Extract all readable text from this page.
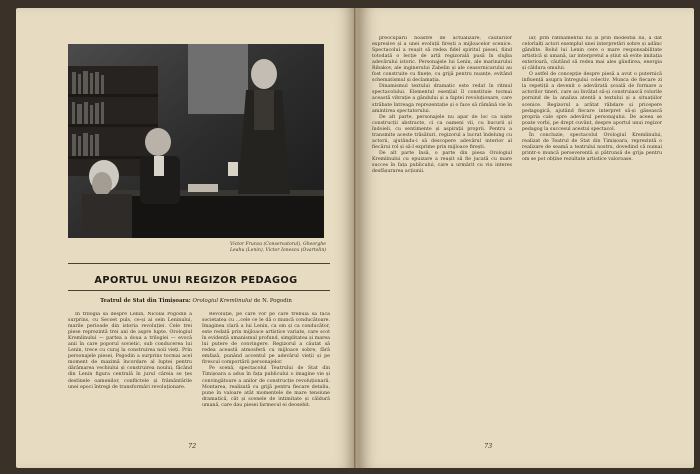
Victor Frunza (Conservatorul), Gheorghe Leahu (Lenin), Victor Ionescu (Ovartolin)
APORTUL UNUI REGIZOR PEDAGOG
Teatrul de Stat din Timișoara: Orologiul Kremlinului de N. Pogodin

În trilogia sa despre Lenin, Nicolai Pogodin a surprins, cu Secoet puls, ce-și ai sein Leninului, marile perioade din istoria revoluției. Cele trei piese reprezintă trei ani de aspre lupte. Orologiul Kremlinului — partea a doua a trilogiei — evocă anii în care poporul sovietic, sub conducerea lui Lenin, trece cu curaj la construirea noii vieți. Prin personajele piesei, Pogodin a surprins tocmai acel moment de maximă încordare al luptei pentru dărâmarea vechiului și construirea noului, făcând din Lenin figura centrală în jurul căreia se țes destinele oamenilor, conflictele și frământările unei epoci întregi de transformări revoluționare.

Revoluție, pe care vor pe care trebuia să facă societatea cu ...cele ce le dă o muncă conducătoare. Imaginea clară a lui Lenin, ca om și ca conducător, este redată prin mijloace artistice variate, care scot în evidență umanismul profund, simplitatea și marea lui putere de convingere. Regizorul a căutat să redea această atmosferă cu mijloace sobre, fără emfază, punând accentul pe adevărul vieții și pe firescul comportării personajelor.

Pe scenă, spectacolul Teatrului de Stat din Timișoara a adus în fața publicului o imagine vie și convingătoare a anilor de construcție revoluționară. Montarea, realizată cu grijă pentru fiecare detaliu, pune în valoare atât momentele de mare tensiune dramatică, cât și scenele de intimitate și căldură umană, care dau piesei farmecul ei deosebit.

72

preocupării noastre de actualizare, căutărilor expresive și a unei evoluții firești a mijloacelor scenice. Spectacolul a reușit să redea fidel spiritul piesei, fiind totodată o lecție de artă regizorală pusă în slujba adevărului istoric. Personajele lui Lenin, ale marinarului Ribakov, ale inginerului Zabelin și ale ceasornicarului au fost construite cu finețe, cu grijă pentru nuanțe, evitând schematismul și declamația.

Dinamismul textului dramatic este redat în ritmul spectacolului. Elementul esențial îl constituie tocmai această vibrație a gândului și a faptei revoluționare, care străbate întreaga reprezentație și o face să rămână vie în amintirea spectatorului.

De alt parte, personajele nu apar de loc ca niște construcții abstracte, ci ca oameni vii, cu bucurii și îndoieli, cu sentimente și aspirații proprii. Pentru a transmite aceste trăsături, regizorul a lucrat îndelung cu actorii, ajutându-i să descopere adevărul interior al fiecărui rol și să-l exprime prin mijloace firești.

De alt parte însă, o parte din piesa Orologiul Kremlinului cu epuizare a reușit să fie jucată cu mare succes în fața publicului, care a urmărit cu viu interes desfășurarea acțiunii.

iar, prin rafinamentul lui și prin modestia lui, a dat celorlalți actori exemplul unei interpretări sobre și adânc gândite. Rolul lui Lenin cere o mare responsabilitate artistică și umană, iar interpretul a știut să evite imitația exterioară, căutând să redea mai ales gândirea, energia și căldura omului.

O astfel de concepție despre piesă a avut o puternică influență asupra întregului colectiv. Munca de fiecare zi la repetiții a devenit o adevărată școală de formare a actorilor tineri, care au învățat să-și construiască rolurile pornind de la analiza atentă a textului și a situațiilor scenice. Regizorul a arătat răbdare și pricepere pedagogică, ajutând fiecare interpret să-și găsească propria cale spre adevărul personajului. De aceea se poate vorbi, pe drept cuvânt, despre aportul unui regizor pedagog la succesul acestui spectacol.

În concluzie, spectacolul Orologiul Kremlinului, realizat de Teatrul de Stat din Timișoara, reprezintă o realizare de seamă a teatrului nostru, dovedind că numai printr-o muncă perseverentă și pătrunsă de grija pentru om se pot obține rezultate artistice valoroase.

73
